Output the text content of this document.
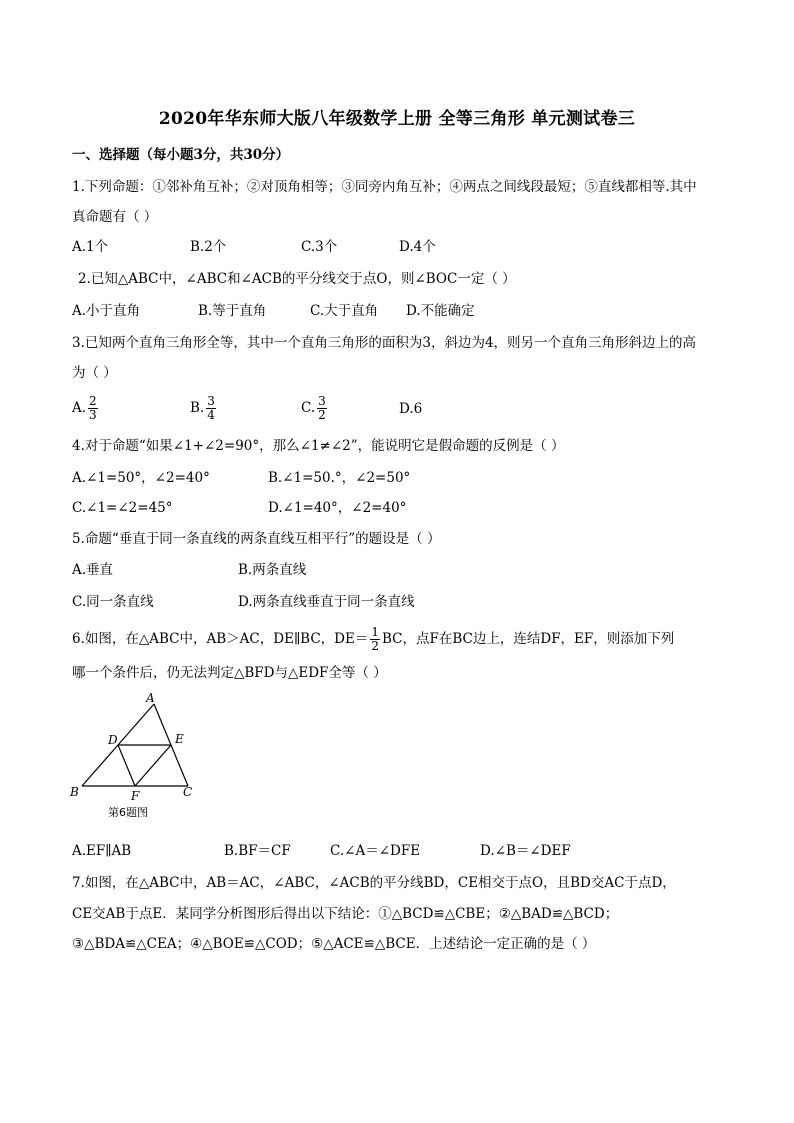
2020年华东师大版八年级数学上册 全等三角形 单元测试卷三
一、选择题（每小题3分，共30分）
1.下列命题：①邻补角互补；②对顶角相等；③同旁内角互补；④两点之间线段最短；⑤直线都相等.其中
真命题有（ ）
A.1个	B.2个	C.3个	D.4个
2.已知△ABC中，∠ABC和∠ACB的平分线交于点O，则∠BOC一定（ ）
A.小于直角	B.等于直角	C.大于直角 D.不能确定
3.已知两个直角三角形全等，其中一个直角三角形的面积为3，斜边为4，则另一个直角三角形斜边上的高
为（ ）
A. $\frac{2}{3}$	B. $\frac{3}{4}$	C. $\frac{3}{2}$	D.6
4.对于命题“如果∠1+∠2=90°，那么∠1≠∠2”，能说明它是假命题的反例是（ ）
A.∠1=50°，∠2=40°	B.∠1=50.°，∠2=50°
C.∠1=∠2=45°	D.∠1=40°，∠2=40°
5.命题“垂直于同一条直线的两条直线互相平行”的题设是（ ）
A.垂直	B.两条直线
C.同一条直线	D.两条直线垂直于同一条直线
6.如图，在△ABC中，AB＞AC，DE∥BC，$DE= \frac{1}{2}$ BC，点F在BC边上，连结DF，EF，则添加下列
哪一个条件后，仍无法判定△BFD与△EDF全等（ ）
A
B	C
D	E
F
第6题图
A.EF∥AB	B.BF＝CF	C.∠A＝∠DFE	D.∠B＝∠DEF
7.如图，在△ABC中，AB＝AC，∠ABC，∠ACB的平分线BD，CE相交于点O，且BD交AC于点D，
CE交AB于点E．某同学分析图形后得出以下结论：①△BCD≌△CBE；②△BAD≌△BCD；
③△BDA≌△CEA；④△BOE≌△COD；⑤△ACE≌△BCE．上述结论一定正确的是（ ）
